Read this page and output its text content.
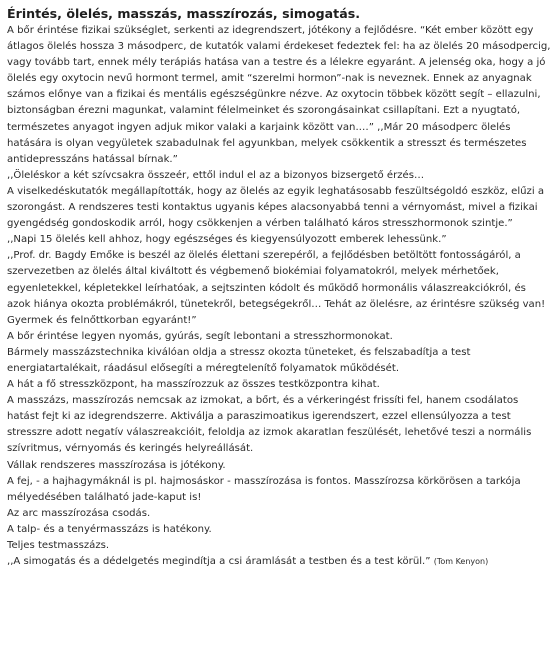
Érintés, ölelés, masszás, masszírozás, simogatás.

A bőr érintése fizikai szükséglet, serkenti az idegrendszert, jótékony a fejlődésre. “Két ember között egy átlagos ölelés hossza 3 másodperc, de kutatók valami érdekeset fedeztek fel: ha az ölelés 20 másodpercig, vagy tovább tart, ennek mély terápiás hatása van a testre és a lélekre egyaránt. A jelenség oka, hogy a jó ölelés egy oxytocin nevű hormont termel, amit “szerelmi hormon”-nak is neveznek. Ennek az anyagnak számos előnye van a fizikai és mentális egészségünkre nézve. Az oxytocin többek között segít – ellazulni, biztonságban érezni magunkat, valamint félelmeinket és szorongásainkat csillapítani. Ezt a nyugtató, természetes anyagot ingyen adjuk mikor valaki a karjaink között van.…” ,,Már 20 másodperc ölelés hatására is olyan vegyületek szabadulnak fel agyunkban, melyek csökkentik a stresszt és természetes antidepresszáns hatással bírnak.”

,,Öleléskor a két szívcsakra összeér, ettől indul el az a bizonyos bizsergető érzés…

A viselkedéskutatók megállapították, hogy az ölelés az egyik leghatásosabb feszültségoldó eszköz, elűzi a szorongást. A rendszeres testi kontaktus ugyanis képes alacsonyabbá tenni a vérnyomást, mivel a fizikai gyengédség gondoskodik arról, hogy csökkenjen a vérben található káros stresszhormonok szintje.”

,,Napi 15 ölelés kell ahhoz, hogy egészséges és kiegyensúlyozott emberek lehessünk.”

,,Prof. dr. Bagdy Emőke is beszél az ölelés élettani szerepéről, a fejlődésben betöltött fontosságáról, a szervezetben az ölelés által kiváltott és végbemenő biokémiai folyamatokról, melyek mérhetőek, egyenletekkel, képletekkel leírhatóak, a sejtszinten kódolt és működő hormonális válaszreakciókról, és azok hiánya okozta problémákról, tünetekről, betegségekről… Tehát az ölelésre, az érintésre szükség van! Gyermek és felnőttkorban egyaránt!”

A bőr érintése legyen nyomás, gyúrás, segít lebontani a stresszhormonokat.

Bármely masszázstechnika kiválóan oldja a stressz okozta tüneteket, és felszabadítja a test energiatartalékait, ráadásul elősegíti a méregtelenítő folyamatok működését.

A hát a fő stresszközpont, ha masszírozzuk az összes testközpontra kihat.

A masszázs, masszírozás nemcsak az izmokat, a bőrt, és a vérkeringést frissíti fel, hanem csodálatos hatást fejt ki az idegrendszerre. Aktiválja a paraszimoatikus igerendszert, ezzel ellensúlyozza a test stresszre adott negatív válaszreakcióit, feloldja az izmok akaratlan feszülését, lehetővé teszi a normális szívritmus, vérnyomás és keringés helyreállását.

Vállak rendszeres masszírozása is jótékony.

A fej, - a hajhagymáknál is pl. hajmosáskor - masszírozása is fontos. Masszírozsa körkörösen a tarkója mélyedésében található jade-kaput is!

Az arc masszírozása csodás.

A talp- és a tenyérmasszázs is hatékony.

Teljes testmasszázs.

,,A simogatás és a dédelgetés megindítja a csi áramlását a testben és a test körül.” (Tom Kenyon)
